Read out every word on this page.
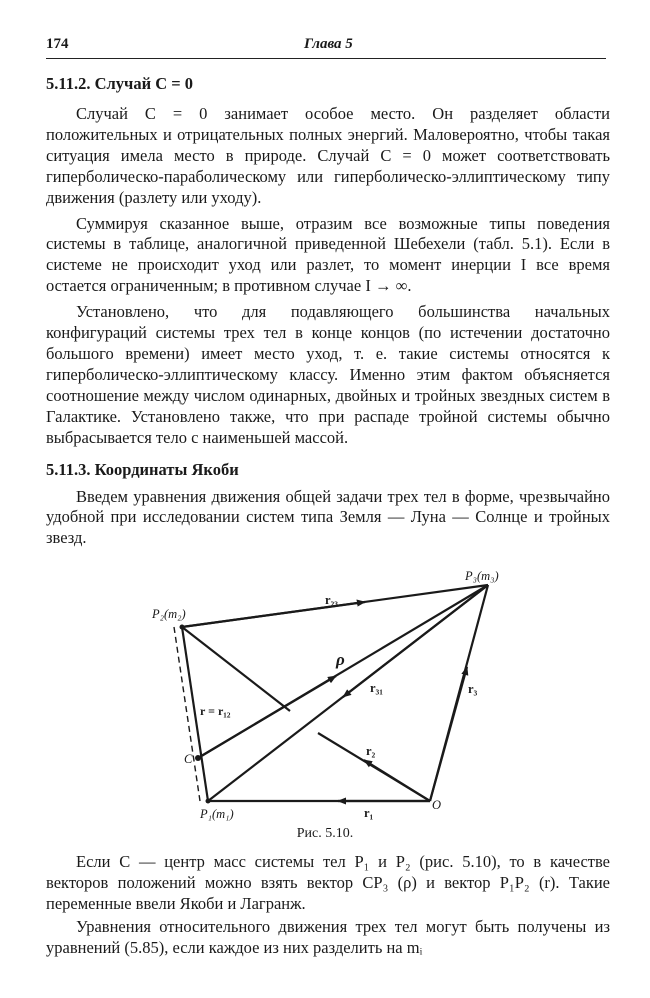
174	Глава 5

5.11.2. Случай C = 0

Случай C = 0 занимает особое место. Он разделяет области положительных и отрицательных полных энергий. Маловероятно, чтобы такая ситуация имела место в природе. Случай C = 0 может соответствовать гиперболическо-параболическому или гиперболическо-эллиптическому типу движения (разлету или уходу).

Суммируя сказанное выше, отразим все возможные типы поведения системы в таблице, аналогичной приведенной Шебехели (табл. 5.1). Если в системе не происходит уход или разлет, то момент инерции I все время остается ограниченным; в противном случае I → ∞.

Установлено, что для подавляющего большинства начальных конфигураций системы трех тел в конце концов (по истечении достаточно большого времени) имеет место уход, т. е. такие системы относятся к гиперболическо-эллиптическому классу. Именно этим фактом объясняется соотношение между числом одинарных, двойных и тройных звездных систем в Галактике. Установлено также, что при распаде тройной системы обычно выбрасывается тело с наименьшей массой.

5.11.3. Координаты Якоби

Введем уравнения движения общей задачи трех тел в форме, чрезвычайно удобной при исследовании систем типа Земля — Луна — Солнце и тройных звезд.

P₃(m₃)
P₂(m₂)
P₁(m₁)
O
C
r₂₃
r₃
r₁
r₃₁
r₂
r = r₁₂
ρ
Рис. 5.10.

Если C — центр масс системы тел P₁ и P₂ (рис. 5.10), то в качестве векторов положений можно взять вектор CP₃ (ρ) и вектор P₁P₂ (r). Такие переменные ввели Якоби и Лагранж.

Уравнения относительного движения трех тел могут быть получены из уравнений (5.85), если каждое из них разделить на mᵢ
